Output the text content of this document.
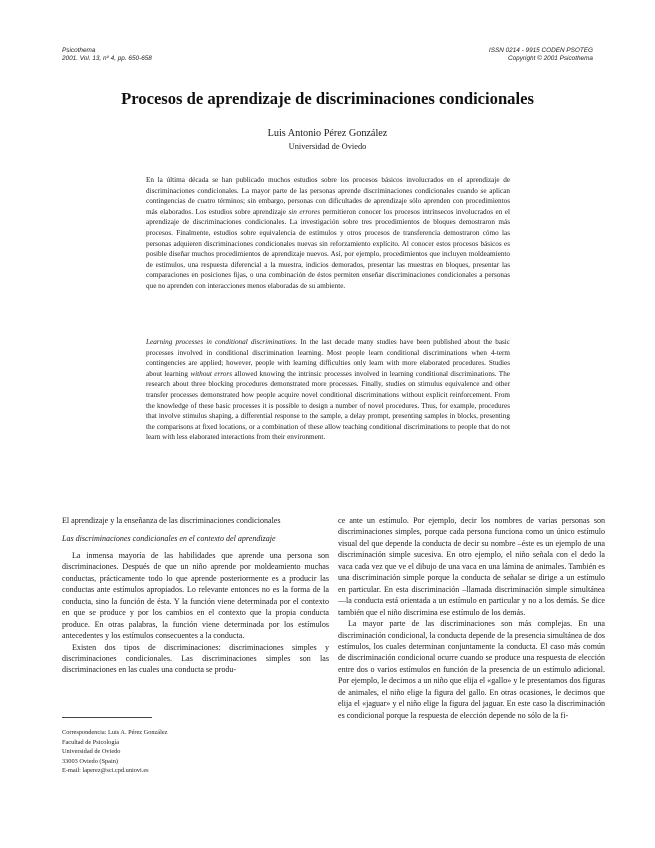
Psicothema
2001. Vol. 13, nº 4, pp. 650-658
ISSN 0214 - 9915 CODEN PSOTEG
Copyright © 2001 Psicothema
Procesos de aprendizaje de discriminaciones condicionales
Luis Antonio Pérez González
Universidad de Oviedo
En la última década se han publicado muchos estudios sobre los procesos básicos involucrados en el aprendizaje de discriminaciones condicionales. La mayor parte de las personas aprende discriminaciones condicionales cuando se aplican contingencias de cuatro términos; sin embargo, personas con dificultades de aprendizaje sólo aprenden con procedimientos más elaborados. Los estudios sobre aprendizaje sin errores permitieron conocer los procesos intrínsecos involucrados en el aprendizaje de discriminaciones condicionales. La investigación sobre tres procedimientos de bloques demostraron más procesos. Finalmente, estudios sobre equivalencia de estímulos y otros procesos de transferencia demostraron cómo las personas adquieren discriminaciones condicionales nuevas sin reforzamiento explícito. Al conocer estos procesos básicos es posible diseñar muchos procedimientos de aprendizaje nuevos. Así, por ejemplo, procedimientos que incluyen moldeamiento de estímulos, una respuesta diferencial a la muestra, indicios demorados, presentar las muestras en bloques, presentar las comparaciones en posiciones fijas, o una combinación de éstos permiten enseñar discriminaciones condicionales a personas que no aprenden con interacciones menos elaboradas de su ambiente.
Learning processes in conditional discriminations. In the last decade many studies have been published about the basic processes involved in conditional discrimination learning. Most people learn conditional discriminations when 4-term contingencies are applied; however, people with learning difficulties only learn with more elaborated procedures. Studies about learning without errors allowed knowing the intrinsic processes involved in learning conditional discriminations. The research about three blocking procedures demonstrated more processes. Finally, studies on stimulus equivalence and other transfer processes demonstrated how people acquire novel conditional discriminations without explicit reinforcement. From the knowledge of these basic processes it is possible to design a number of novel procedures. Thus, for example, procedures that involve stimulus shaping, a differential response to the sample, a delay prompt, presenting samples in blocks, presenting the comparisons at fixed locations, or a combination of these allow teaching conditional discriminations to people that do not learn with less elaborated interactions from their environment.

El aprendizaje y la enseñanza de las discriminaciones condicionales

Las discriminaciones condicionales en el contexto del aprendizaje

La inmensa mayoría de las habilidades que aprende una persona son discriminaciones. Después de que un niño aprende por moldeamiento muchas conductas, prácticamente todo lo que aprende posteriormente es a producir las conductas ante estímulos apropiados. Lo relevante entonces no es la forma de la conducta, sino la función de ésta. Y la función viene determinada por el contexto en que se produce y por los cambios en el contexto que la propia conducta produce. En otras palabras, la función viene determinada por los estímulos antecedentes y los estímulos consecuentes a la conducta.

Existen dos tipos de discriminaciones: discriminaciones simples y discriminaciones condicionales. Las discriminaciones simples son las discriminaciones en las cuales una conducta se produ-

ce ante un estímulo. Por ejemplo, decir los nombres de varias personas son discriminaciones simples, porque cada persona funciona como un único estímulo visual del que depende la conducta de decir su nombre –éste es un ejemplo de una discriminación simple sucesiva. En otro ejemplo, el niño señala con el dedo la vaca cada vez que ve el dibujo de una vaca en una lámina de animales. También es una discriminación simple porque la conducta de señalar se dirige a un estímulo en particular. En esta discriminación –llamada discriminación simple simultánea—la conducta está orientada a un estímulo en particular y no a los demás. Se dice también que el niño discrimina ese estímulo de los demás.

La mayor parte de las discriminaciones son más complejas. En una discriminación condicional, la conducta depende de la presencia simultánea de dos estímulos, los cuales determinan conjuntamente la conducta. El caso más común de discriminación condicional ocurre cuando se produce una respuesta de elección entre dos o varios estímulos en función de la presencia de un estímulo adicional. Por ejemplo, le decimos a un niño que elija el «gallo» y le presentamos dos figuras de animales, el niño elige la figura del gallo. En otras ocasiones, le decimos que elija el «jaguar» y el niño elige la figura del jaguar. En este caso la discriminación es condicional porque la respuesta de elección depende no sólo de la fi-

Correspondencia: Luis A. Pérez González
Facultad de Psicología
Universidad de Oviedo
33003 Oviedo (Spain)
E-mail: laperez@sci.cpd.uniovi.es
